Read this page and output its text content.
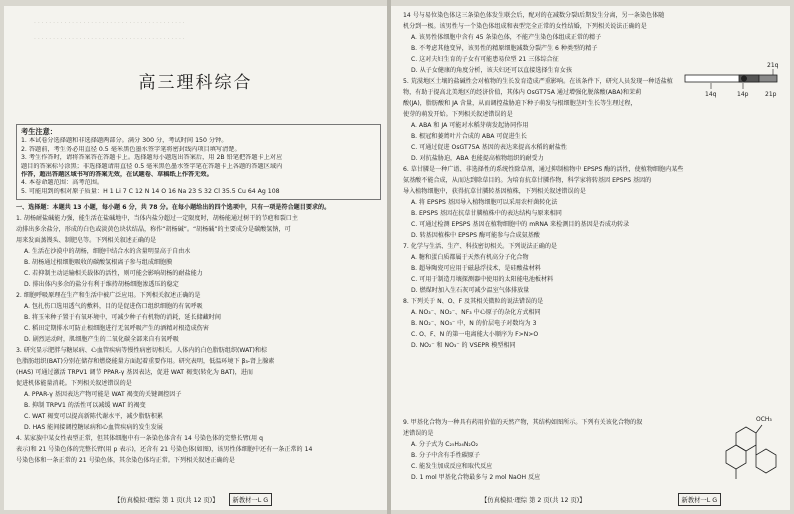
· · · · · · · · · · · · · · · · · · · · · · · · · · · · · · · · · · · · · · · ·
· · · · · · · · · · · · · · · · · · · · · · · · · · · · · · · · · · · · · · · ·
高三理科综合
考生注意：
1. 本试卷分选择题和非选择题两部分。满分 300 分，考试时间 150 分钟。
2. 答题前，考生务必用直径 0.5 毫米黑色墨水签字笔将密封线内项目填写清楚。
3. 考生作答时，请将答案答在答题卡上。选择题每小题选出答案后，用 2B 铅笔把答题卡上对应
题目的答案标号涂黑；非选择题请用直径 0.5 毫米黑色墨水签字笔在答题卡上各题的答题区域内
作答，超出答题区域书写的答案无效，在试题卷、草稿纸上作答无效。
4. 本卷命题范围：高考范围。
5. 可能用到的相对原子质量：H 1 Li 7 C 12 N 14 O 16 Na 23 S 32 Cl 35.5 Cu 64 Ag 108
一、选择题：本题共 13 小题，每小题 6 分，共 78 分。在每小题给出的四个选项中，只有一项是符合题目要求的。
1. 胡杨耐盐碱能力强，能生活在盐碱地中，当体内盐分超过一定限度时，胡杨能通过树干的节疤和裂口主
动排出多余盐分，形成的白色或淡黄色块状结晶，称作“胡杨碱”。“胡杨碱”的主要成分是碳酸氢钠，可
用来发面蒸馒头、制肥皂等。下列相关叙述正确的是
A. 生活在沙漠中的胡杨，细胞中结合水的含量明显高于自由水
B. 胡杨通过根细胞吸收的碳酸氢根离子参与组成细胞膜
C. 若抑制主动运输相关载体的活性，则可能会影响胡杨的耐盐能力
D. 排出体内多余的盐分有利于维持胡杨细胞渗透压的稳定
2. 细胞呼吸原理在生产和生活中被广泛应用。下列相关叙述正确的是
A. 包扎伤口选用透气的敷料，目的是促进伤口组织细胞的有氧呼吸
B. 将玉米种子置于有氧环境中，可减少种子有机物的消耗，延长储藏时间
C. 稻田定期排水可防止根细胞进行无氧呼吸产生的酒精对根造成伤害
D. 剧烈运动时，肌细胞产生的二氧化碳全部来自有氧呼吸
3. 研究显示肥胖与糖尿病、心血管疾病等慢性病密切相关。人体内的白色脂肪组织(WAT)和棕
色脂肪组织(BAT)分别在储存和燃烧能量方面起着重要作用。研究表明，低温环境下 β₃-肾上腺素
(HAS) 可通过激活 TRPV1 调节 PPAR-γ 基因表达，促进 WAT 褐变(转化为 BAT)，进而
促进机体能量消耗。下列相关叙述错误的是
A. PPAR-γ 基因表达产物可能是 WAT 褐变的关键调控因子
B. 抑制 TRPV1 的活性可以减缓 WAT 的褐变
C. WAT 褐变可以提高新陈代谢水平，减少脂肪积累
D. HAS 能间接调控糖尿病和心血管疾病的发生发展
4. 某家族中某女性表型正常，但其体细胞中有一条染色体含有 14 号染色体的完整长臂(用 q
表示)和 21 号染色体的完整长臂(用 p 表示)，还含有 21 号染色体(如图)，该男性体细胞中还有一条正常的 14
号染色体和一条正常的 21 号染色体，其余染色体均正常。下列相关叙述正确的是
【仿真模拟·理综 第 1 页(共 12 页)】 新教材一L G
21q
14q	14p	21p
14 号与易位染色体这三条染色体发生联会后，配对的在减数分裂Ⅰ后期发生分离，另一条染色体随
机分到一极。该男性与一个染色体组成和表型完全正常的女性结婚，下列相关说法正确的是
A. 该男性体细胞中含有 45 条染色体，不能产生染色体组成正常的精子
B. 不考虑其他变异，该男性的精原细胞减数分裂产生 6 种类型的精子
C. 这对夫妇生育的子女有可能患易位型 21 三体综合征
D. 从子女健康的角度分析，该夫妇还可以直接选择生育女孩
5. 荒漠地区土壤的盐碱性会对植物的生长发育造成严重影响。在该条件下，研究人员发现一种适盐植
物，有助于提高北美地区的经济价值，其体内 OsGT75A 通过增强化脱落酸(ABA)和茉莉
酸(JA)，脂肪酸和 JA 含量，从而调控盐胁迫下种子萌发与根细胞茎叶生长等生理过程，
使芽的萌发开始。下列相关叙述错误的是
A. ABA 和 JA 可能对水稻芽萌发起协同作用
B. 根冠和萎蔫叶片合成的 ABA 可促进生长
C. 可通过促进 OsGT75A 基因的表达来提高水稻的耐盐性
D. 对抗盐胁迫，ABA 也能提高植物组织的耐受力
6. 草甘膦是一种广谱、非选择性的系统性除草剂，通过抑制植物中 EPSPS 酶的活性，使植物细胞内某些
氨基酸不能合成，从而达到除草目的。为培育抗草甘膦作物，科学家将转基因 EPSPS 基因的
导入植物细胞中，获得抗草甘膦转基因植株，下列相关叙述错误的是
A. 将 EPSPS 基因导入植物细胞可以采用农杆菌转化法
B. EPSPS 基因在抗草甘膦植株中的表达结构与原来相同
C. 可通过检测 EPSPS 基因在植物细胞中的 mRNA 来检测目的基因是否成功转录
D. 转基因植株中 EPSPS 酶可能参与合成氨基酸
7. 化学与生活、生产、科技密切相关。下列说法正确的是
A. 糖和蛋白质都属于天然有机高分子化合物
B. 超导陶瓷可应用于磁悬浮技术，是硅酸盐材料
C. 可用于制造月壤探测器中使用的太阳能电池板材料
D. 燃煤时加入生石灰可减少温室气体排放量
8. 下列关于 N、O、F 及其相关微粒的说法错误的是
A. NO₃⁻、NO₂⁻、NF₃ 中心原子的杂化方式相同
B. NO₂⁻、NO₃⁻ 中，N 的价层电子对数均为 3
C. O、F、N 的第一电离能大小顺序为 F>N>O
D. NO₂⁻ 和 NO₃⁻ 的 VSEPR 模型相同
9. 甲基化合物为一种具有药用价值的天然产物，其结构如图所示。下列有关该化合物的叙
述错误的是
A. 分子式为 C₂₅H₂₄N₂O₂
B. 分子中含有手性碳原子
C. 能发生加成反应和取代反应
D. 1 mol 甲基化合物最多与 2 mol NaOH 反应
OCH₃
【仿真模拟·理综 第 2 页(共 12 页)】	新教材一L G
